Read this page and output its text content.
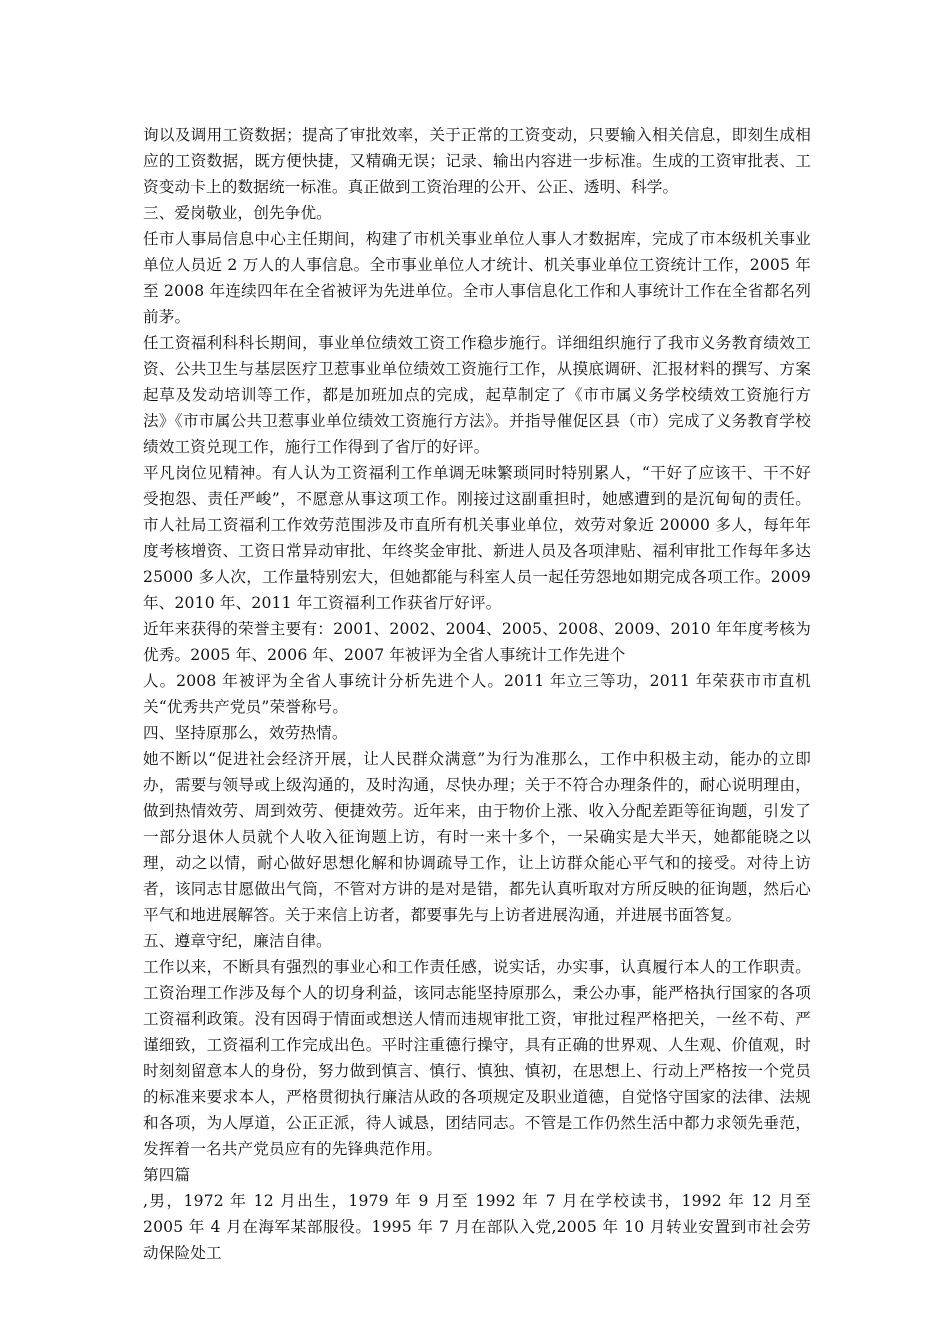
询以及调用工资数据；提高了审批效率，关于正常的工资变动，只要输入相关信息，即刻生成相应的工资数据，既方便快捷，又精确无误；记录、输出内容进一步标准。生成的工资审批表、工资变动卡上的数据统一标准。真正做到工资治理的公开、公正、透明、科学。

三、爱岗敬业，创先争优。

任市人事局信息中心主任期间，构建了市机关事业单位人事人才数据库，完成了市本级机关事业单位人员近 2 万人的人事信息。全市事业单位人才统计、机关事业单位工资统计工作，2005 年至 2008 年连续四年在全省被评为先进单位。全市人事信息化工作和人事统计工作在全省都名列前茅。

任工资福利科科长期间，事业单位绩效工资工作稳步施行。详细组织施行了我市义务教育绩效工资、公共卫生与基层医疗卫惹事业单位绩效工资施行工作，从摸底调研、汇报材料的撰写、方案起草及发动培训等工作，都是加班加点的完成，起草制定了《市市属义务学校绩效工资施行方法》《市市属公共卫惹事业单位绩效工资施行方法》。并指导催促区县（市）完成了义务教育学校绩效工资兑现工作，施行工作得到了省厅的好评。

平凡岗位见精神。有人认为工资福利工作单调无味繁琐同时特别累人，“干好了应该干、干不好受抱怨、责任严峻”，不愿意从事这项工作。刚接过这副重担时，她感遭到的是沉甸甸的责任。市人社局工资福利工作效劳范围涉及市直所有机关事业单位，效劳对象近 20000 多人，每年年度考核增资、工资日常异动审批、年终奖金审批、新进人员及各项津贴、福利审批工作每年多达 25000 多人次，工作量特别宏大，但她都能与科室人员一起任劳怨地如期完成各项工作。2009 年、2010 年、2011 年工资福利工作获省厅好评。

近年来获得的荣誉主要有：2001、2002、2004、2005、2008、2009、2010 年年度考核为优秀。2005 年、2006 年、2007 年被评为全省人事统计工作先进个

人。2008 年被评为全省人事统计分析先进个人。2011 年立三等功，2011 年荣获市市直机关“优秀共产党员”荣誉称号。

四、坚持原那么，效劳热情。

她不断以“促进社会经济开展，让人民群众满意”为行为准那么，工作中积极主动，能办的立即办，需要与领导或上级沟通的，及时沟通，尽快办理；关于不符合办理条件的，耐心说明理由，做到热情效劳、周到效劳、便捷效劳。近年来，由于物价上涨、收入分配差距等征询题，引发了一部分退休人员就个人收入征询题上访，有时一来十多个，一呆确实是大半天，她都能晓之以理，动之以情，耐心做好思想化解和协调疏导工作，让上访群众能心平气和的接受。对待上访者，该同志甘愿做出气筒，不管对方讲的是对是错，都先认真听取对方所反映的征询题，然后心平气和地进展解答。关于来信上访者，都要事先与上访者进展沟通，并进展书面答复。

五、遵章守纪，廉洁自律。

工作以来，不断具有强烈的事业心和工作责任感，说实话，办实事，认真履行本人的工作职责。工资治理工作涉及每个人的切身利益，该同志能坚持原那么，秉公办事，能严格执行国家的各项工资福利政策。没有因碍于情面或想送人情而违规审批工资，审批过程严格把关，一丝不苟、严谨细致，工资福利工作完成出色。平时注重德行操守，具有正确的世界观、人生观、价值观，时时刻刻留意本人的身份，努力做到慎言、慎行、慎独、慎初，在思想上、行动上严格按一个党员的标准来要求本人，严格贯彻执行廉洁从政的各项规定及职业道德，自觉恪守国家的法律、法规和各项，为人厚道，公正正派，待人诚恳，团结同志。不管是工作仍然生活中都力求领先垂范，发挥着一名共产党员应有的先锋典范作用。

第四篇

,男，1972 年 12 月出生，1979 年 9 月至 1992 年 7 月在学校读书，1992 年 12 月至 2005 年 4 月在海军某部服役。1995 年 7 月在部队入党,2005 年 10 月转业安置到市社会劳动保险处工
